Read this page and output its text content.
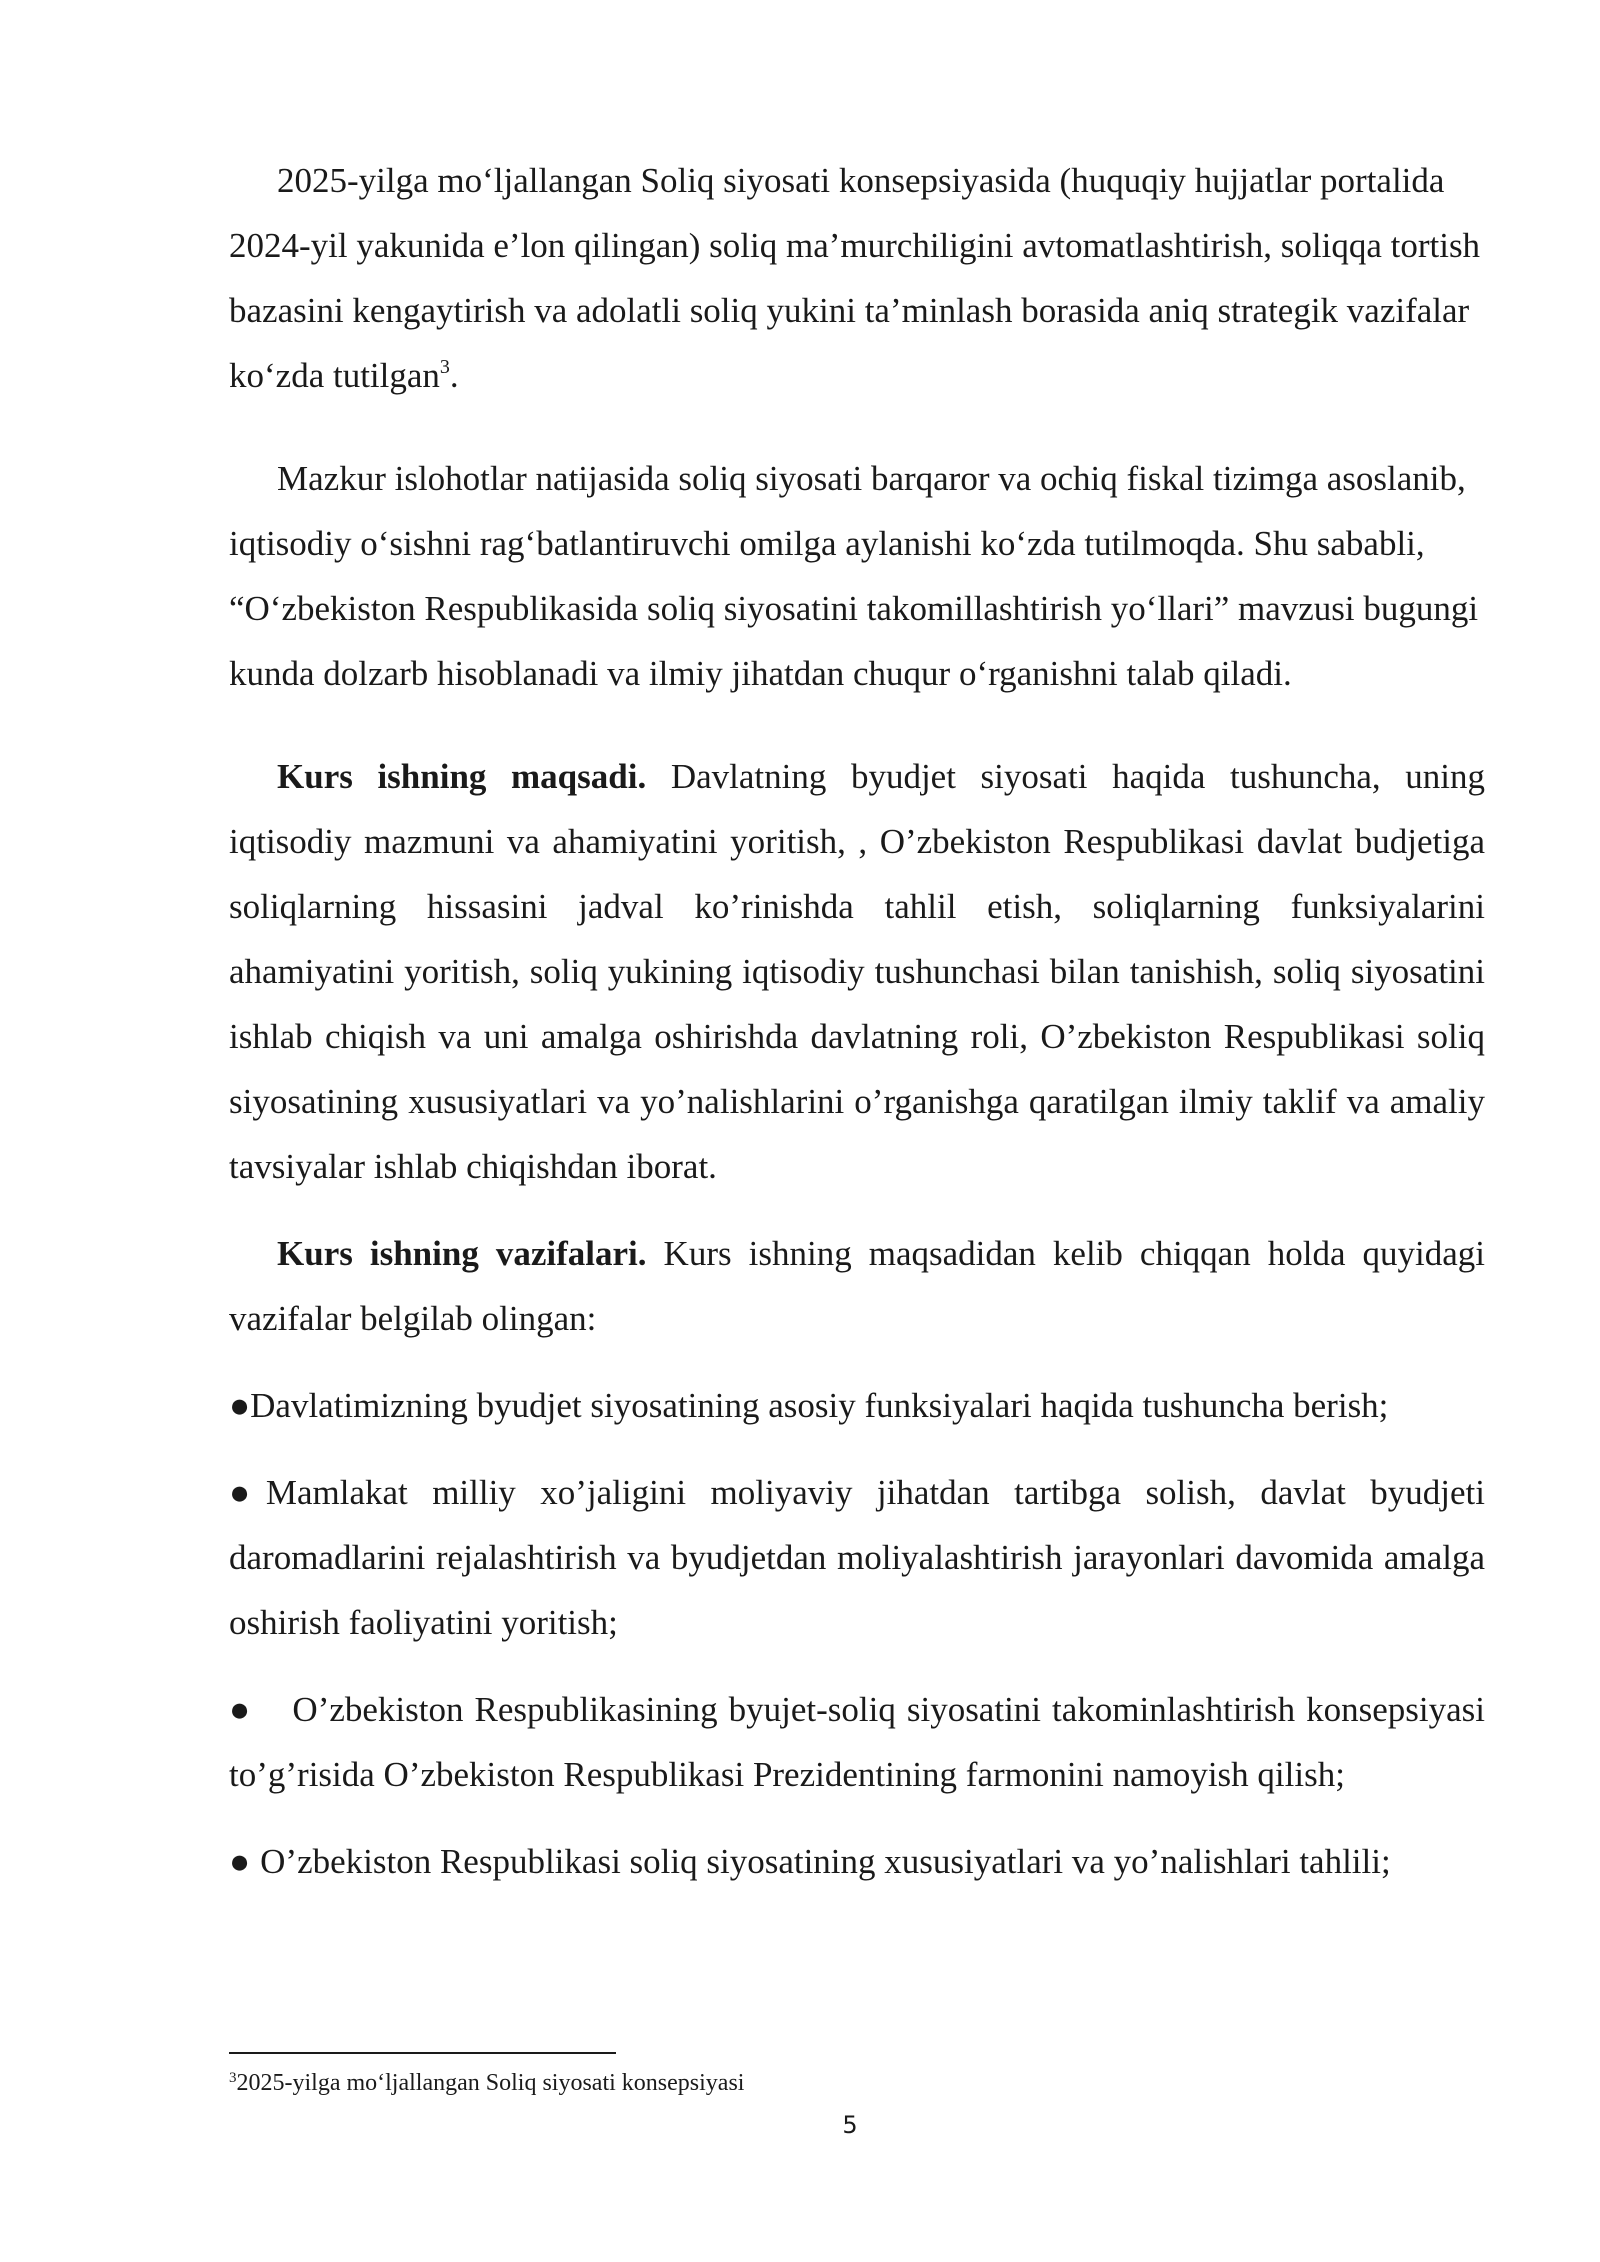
2025-yilga mo‘ljallangan Soliq siyosati konsepsiyasida (huquqiy hujjatlar portalida 2024-yil yakunida e’lon qilingan) soliq ma’murchiligini avtomatlashtirish, soliqqa tortish bazasini kengaytirish va adolatli soliq yukini ta’minlash borasida aniq strategik vazifalar ko‘zda tutilgan$^3$.

Mazkur islohotlar natijasida soliq siyosati barqaror va ochiq fiskal tizimga asoslanib, iqtisodiy o‘sishni rag‘batlantiruvchi omilga aylanishi ko‘zda tutilmoqda. Shu sababli, “O‘zbekiston Respublikasida soliq siyosatini takomillashtirish yo‘llari” mavzusi bugungi kunda dolzarb hisoblanadi va ilmiy jihatdan chuqur o‘rganishni talab qiladi.

Kurs ishning maqsadi. Davlatning byudjet siyosati haqida tushuncha, uning iqtisodiy mazmuni va ahamiyatini yoritish, , O’zbekiston Respublikasi davlat budjetiga soliqlarning hissasini jadval ko’rinishda tahlil etish, soliqlarning funksiyalarini ahamiyatini yoritish, soliq yukining iqtisodiy tushunchasi bilan tanishish, soliq siyosatini ishlab chiqish va uni amalga oshirishda davlatning roli, O’zbekiston Respublikasi soliq siyosatining xususiyatlari va yo’nalishlarini o’rganishga qaratilgan ilmiy taklif va amaliy tavsiyalar ishlab chiqishdan iborat.

Kurs ishning vazifalari. Kurs ishning maqsadidan kelib chiqqan holda quyidagi vazifalar belgilab olingan:

●Davlatimizning byudjet siyosatining asosiy funksiyalari haqida tushuncha berish;

●Mamlakat milliy xo’jaligini moliyaviy jihatdan tartibga solish, davlat byudjeti daromadlarini rejalashtirish va byudjetdan moliyalashtirish jarayonlari davomida amalga oshirish faoliyatini yoritish;

● O’zbekiston Respublikasining byujet-soliq siyosatini takominlashtirish konsepsiyasi to’g’risida O’zbekiston Respublikasi Prezidentining farmonini namoyish qilish;

● O’zbekiston Respublikasi soliq siyosatining xususiyatlari va yo’nalishlari tahlili;

$^3$2025-yilga mo‘ljallangan Soliq siyosati konsepsiyasi
5
